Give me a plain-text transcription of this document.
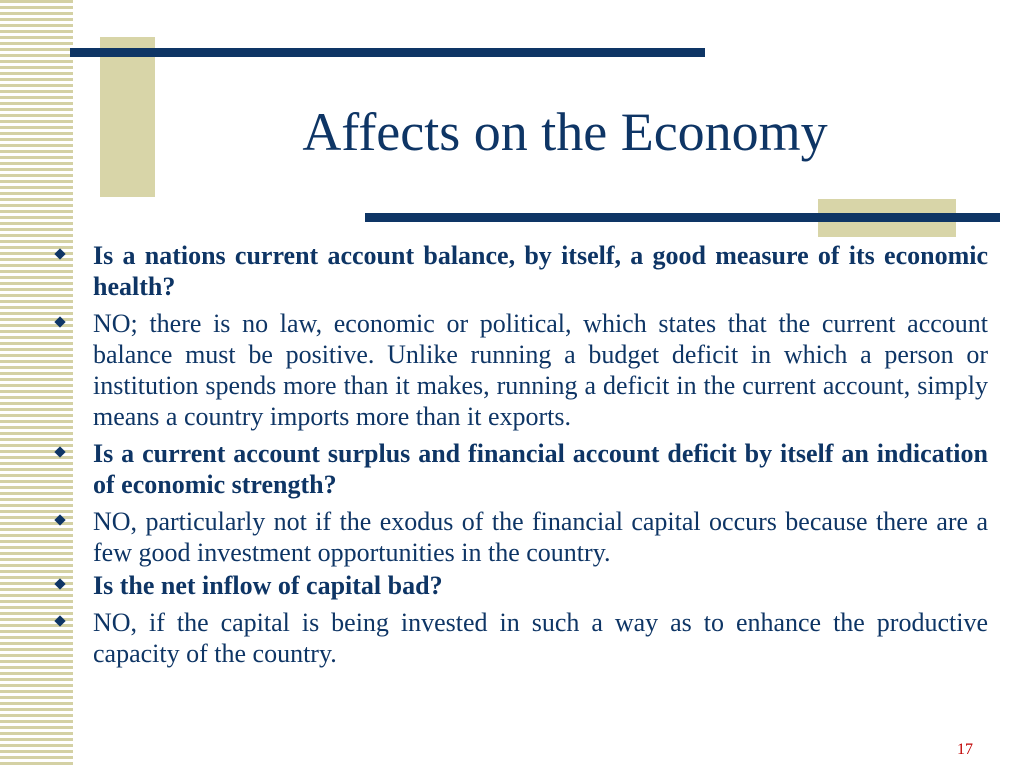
Affects on the Economy
Is a nations current account balance, by itself, a good measure of its economic health?
NO; there is no law, economic or political, which states that the current account balance must be positive. Unlike running a budget deficit in which a person or institution spends more than it makes, running a deficit in the current account, simply means a country imports more than it exports.
Is a current account surplus and financial account deficit by itself an indication of economic strength?
NO, particularly not if the exodus of the financial capital occurs because there are a few good investment opportunities in the country.
Is the net inflow of capital bad?
NO, if the capital is being invested in such a way as to enhance the productive capacity of the country.
17
